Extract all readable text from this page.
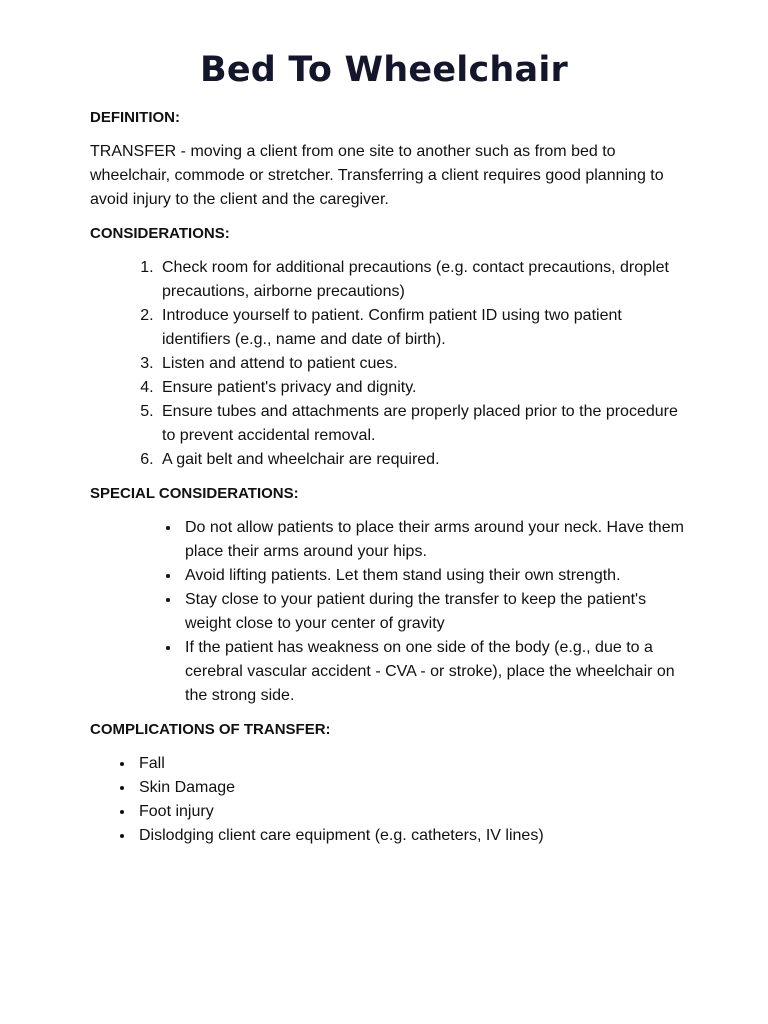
Bed To Wheelchair
DEFINITION:
TRANSFER - moving a client from one site to another such as from bed to wheelchair, commode or stretcher. Transferring a client requires good planning to avoid injury to the client and the caregiver.
CONSIDERATIONS:
1. Check room for additional precautions (e.g. contact precautions, droplet precautions, airborne precautions)
2. Introduce yourself to patient. Confirm patient ID using two patient identifiers (e.g., name and date of birth).
3. Listen and attend to patient cues.
4. Ensure patient's privacy and dignity.
5. Ensure tubes and attachments are properly placed prior to the procedure to prevent accidental removal.
6. A gait belt and wheelchair are required.
SPECIAL CONSIDERATIONS:
• Do not allow patients to place their arms around your neck. Have them place their arms around your hips.
• Avoid lifting patients. Let them stand using their own strength.
• Stay close to your patient during the transfer to keep the patient's weight close to your center of gravity
• If the patient has weakness on one side of the body (e.g., due to a cerebral vascular accident - CVA - or stroke), place the wheelchair on the strong side.
COMPLICATIONS OF TRANSFER:
• Fall
• Skin Damage
• Foot injury
• Dislodging client care equipment (e.g. catheters, IV lines)
